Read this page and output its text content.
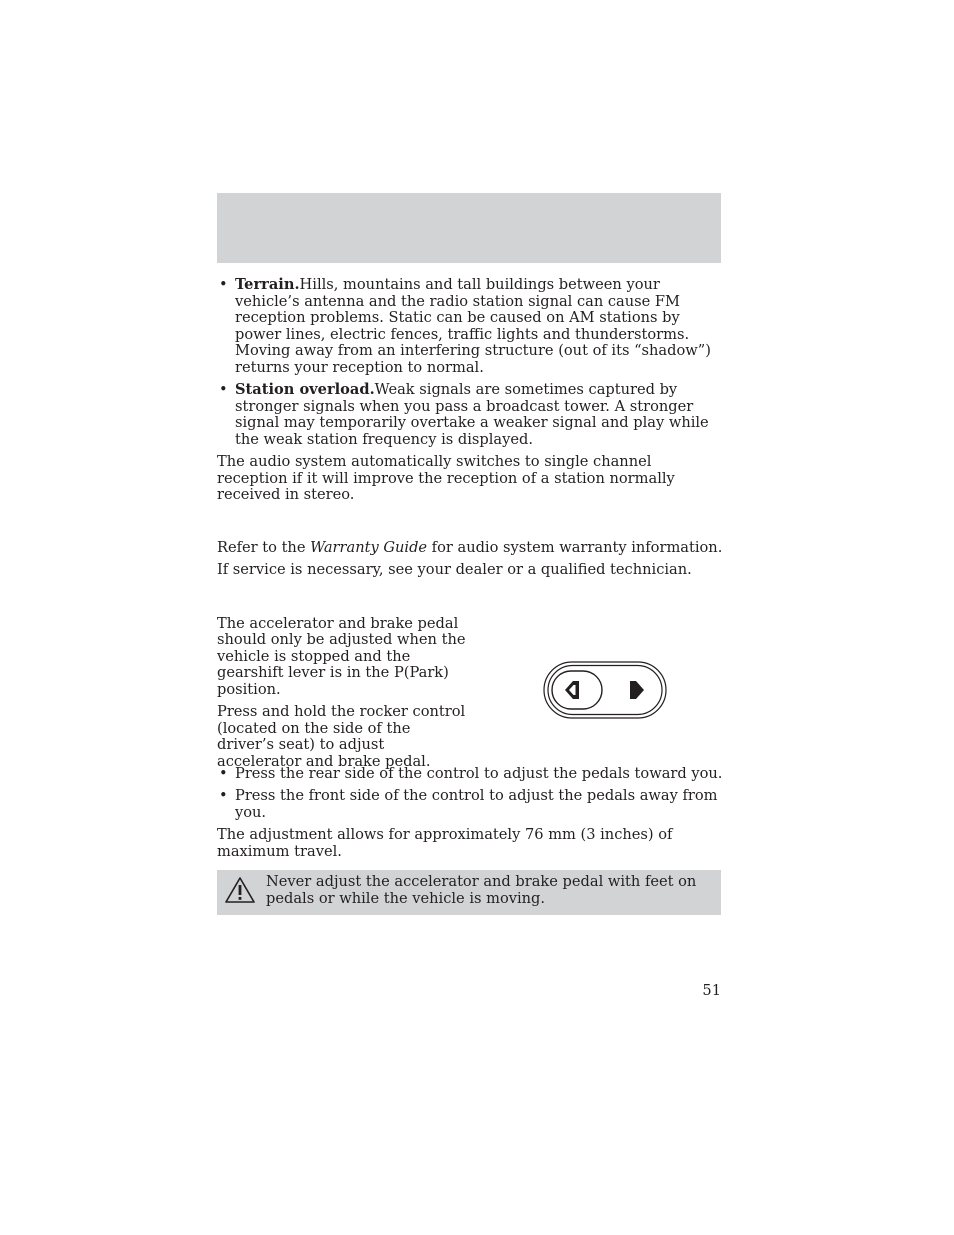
• Terrain.Hills, mountains and tall buildings between your vehicle’s antenna and the radio station signal can cause FM reception problems. Static can be caused on AM stations by power lines, electric fences, traffic lights and thunderstorms. Moving away from an interfering structure (out of its “shadow”) returns your reception to normal.
• Station overload.Weak signals are sometimes captured by stronger signals when you pass a broadcast tower. A stronger signal may temporarily overtake a weaker signal and play while the weak station frequency is displayed.

The audio system automatically switches to single channel reception if it will improve the reception of a station normally received in stereo.

Refer to the Warranty Guide for audio system warranty information.

If service is necessary, see your dealer or a qualified technician.

The accelerator and brake pedal should only be adjusted when the vehicle is stopped and the gearshift lever is in the P(Park) position.

Press and hold the rocker control (located on the side of the driver’s seat) to adjust accelerator and brake pedal.

• Press the rear side of the control to adjust the pedals toward you.
• Press the front side of the control to adjust the pedals away from you.

The adjustment allows for approximately 76 mm (3 inches) of maximum travel.

Never adjust the accelerator and brake pedal with feet on pedals or while the vehicle is moving.
51
